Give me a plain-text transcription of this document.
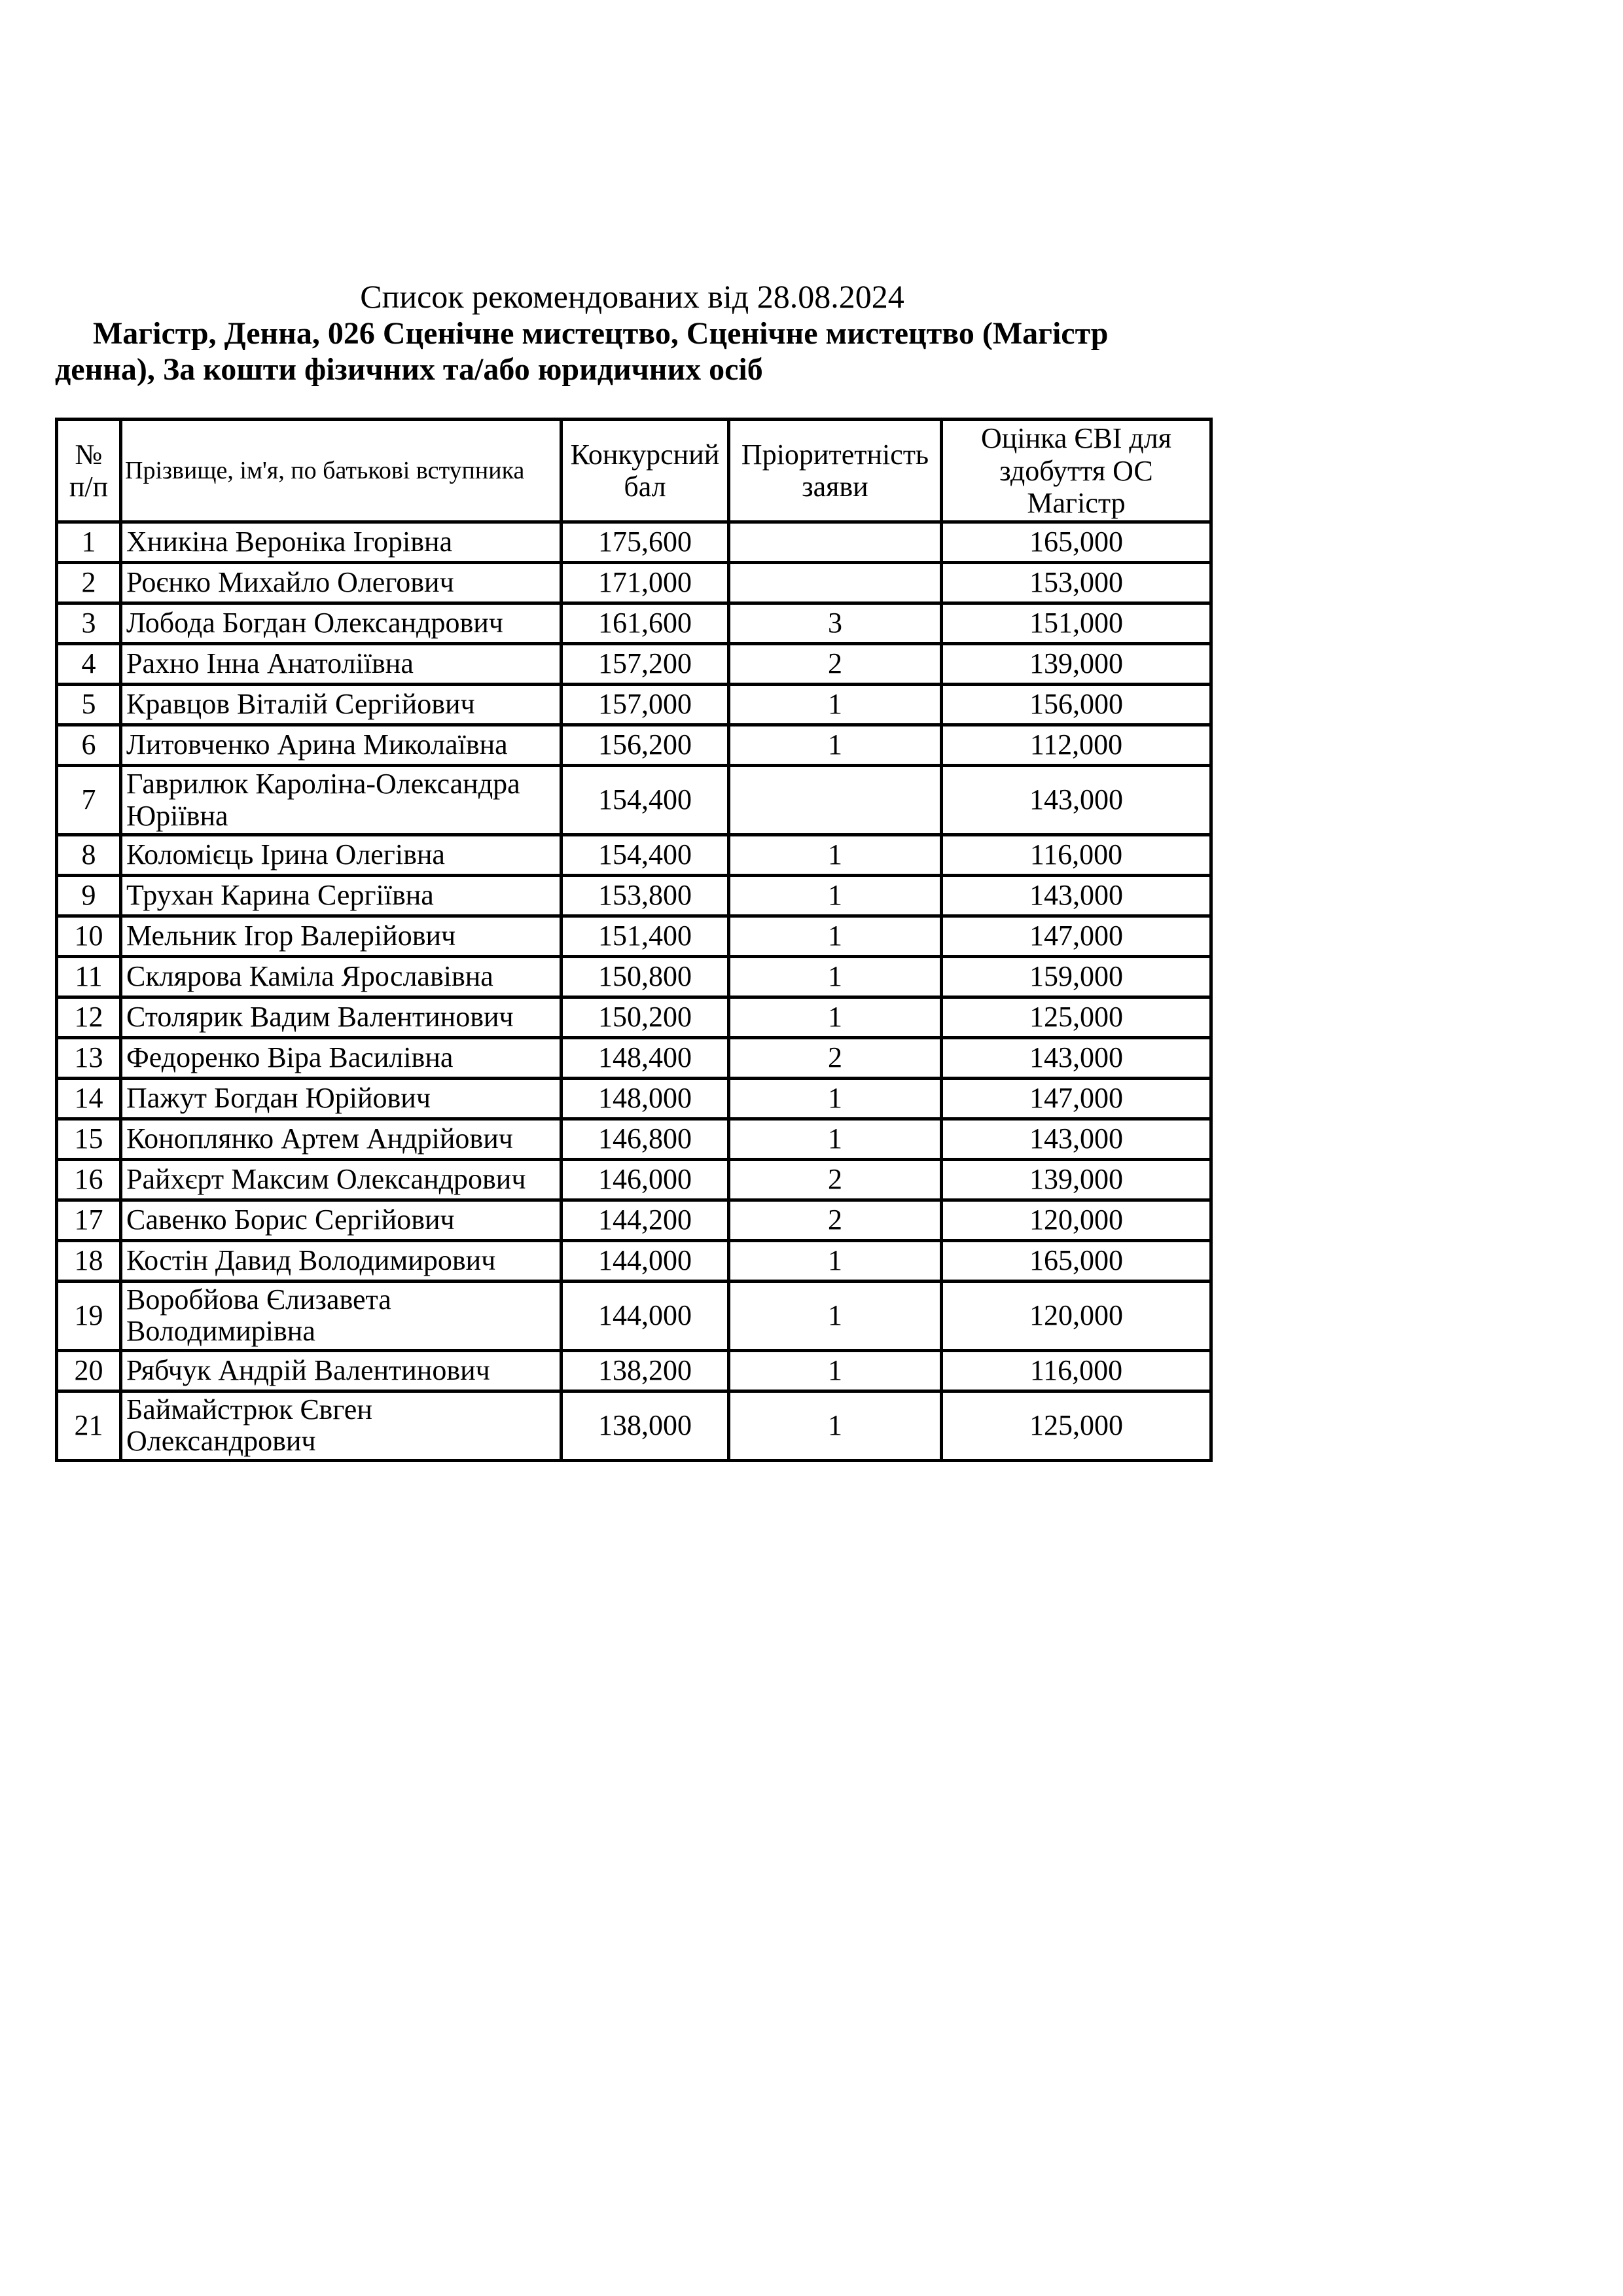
Список рекомендованих від 28.08.2024
Магістр, Денна, 026 Сценічне мистецтво, Сценічне мистецтво (Магістр
денна), За кошти фізичних та/або юридичних осіб
№ п/п	Прізвище, ім'я, по батькові вступника	Конкурсний бал	Пріоритетність заяви	Оцінка ЄВІ для здобуття ОС Магістр
1	Хникіна Вероніка Ігорівна	175,600		165,000
2	Роєнко Михайло Олегович	171,000		153,000
3	Лобода Богдан Олександрович	161,600	3	151,000
4	Рахно Інна Анатоліївна	157,200	2	139,000
5	Кравцов Віталій Сергійович	157,000	1	156,000
6	Литовченко Арина Миколаївна	156,200	1	112,000
7	Гаврилюк Кароліна-Олександра Юріївна	154,400		143,000
8	Коломієць Ірина Олегівна	154,400	1	116,000
9	Трухан Карина Сергіївна	153,800	1	143,000
10	Мельник Ігор Валерійович	151,400	1	147,000
11	Склярова Каміла Ярославівна	150,800	1	159,000
12	Столярик Вадим Валентинович	150,200	1	125,000
13	Федоренко Віра Василівна	148,400	2	143,000
14	Пажут Богдан Юрійович	148,000	1	147,000
15	Коноплянко Артем Андрійович	146,800	1	143,000
16	Райхєрт Максим Олександрович	146,000	2	139,000
17	Савенко Борис Сергійович	144,200	2	120,000
18	Костін Давид Володимирович	144,000	1	165,000
19	Воробйова Єлизавета Володимирівна	144,000	1	120,000
20	Рябчук Андрій Валентинович	138,200	1	116,000
21	Баймайстрюк Євген Олександрович	138,000	1	125,000
